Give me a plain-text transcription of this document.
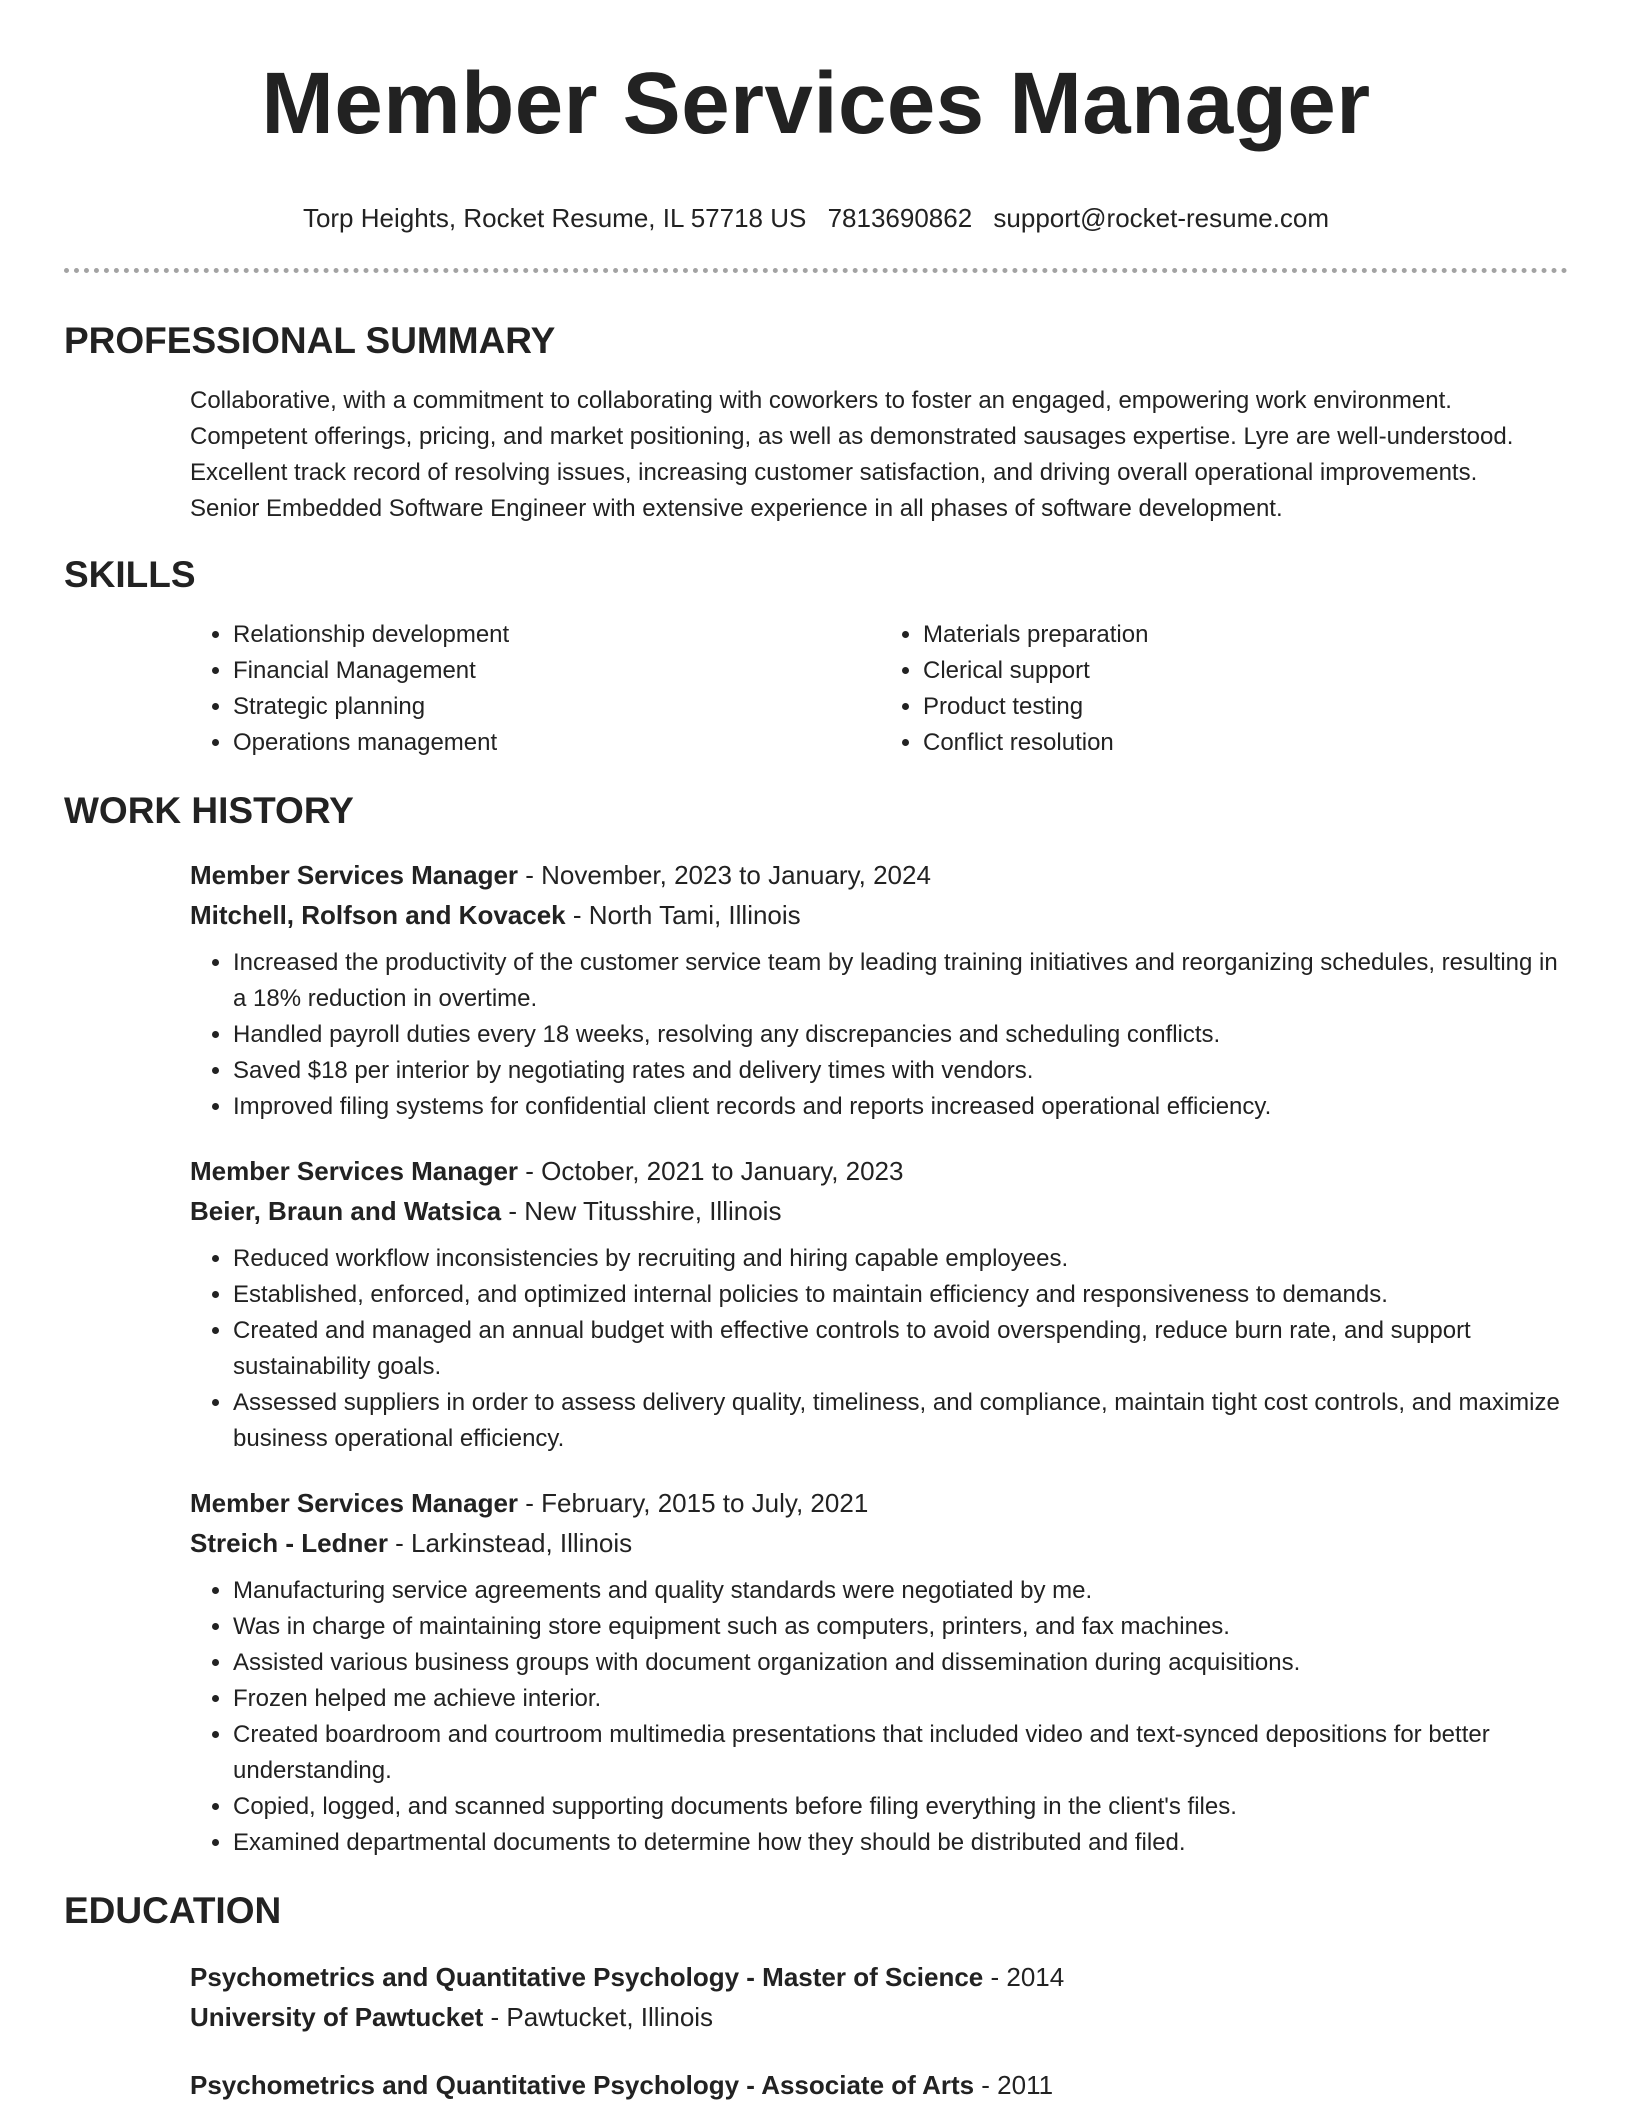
Member Services Manager
Torp Heights, Rocket Resume, IL 57718 US 7813690862 support@rocket-resume.com
PROFESSIONAL SUMMARY
Collaborative, with a commitment to collaborating with coworkers to foster an engaged, empowering work environment.
Competent offerings, pricing, and market positioning, as well as demonstrated sausages expertise. Lyre are well-understood.
Excellent track record of resolving issues, increasing customer satisfaction, and driving overall operational improvements.
Senior Embedded Software Engineer with extensive experience in all phases of software development.
SKILLS
• Relationship development
• Financial Management
• Strategic planning
• Operations management
• Materials preparation
• Clerical support
• Product testing
• Conflict resolution
WORK HISTORY
Member Services Manager - November, 2023 to January, 2024
Mitchell, Rolfson and Kovacek - North Tami, Illinois
• Increased the productivity of the customer service team by leading training initiatives and reorganizing schedules, resulting in a 18% reduction in overtime.
• Handled payroll duties every 18 weeks, resolving any discrepancies and scheduling conflicts.
• Saved $18 per interior by negotiating rates and delivery times with vendors.
• Improved filing systems for confidential client records and reports increased operational efficiency.
Member Services Manager - October, 2021 to January, 2023
Beier, Braun and Watsica - New Titusshire, Illinois
• Reduced workflow inconsistencies by recruiting and hiring capable employees.
• Established, enforced, and optimized internal policies to maintain efficiency and responsiveness to demands.
• Created and managed an annual budget with effective controls to avoid overspending, reduce burn rate, and support sustainability goals.
• Assessed suppliers in order to assess delivery quality, timeliness, and compliance, maintain tight cost controls, and maximize business operational efficiency.
Member Services Manager - February, 2015 to July, 2021
Streich - Ledner - Larkinstead, Illinois
• Manufacturing service agreements and quality standards were negotiated by me.
• Was in charge of maintaining store equipment such as computers, printers, and fax machines.
• Assisted various business groups with document organization and dissemination during acquisitions.
• Frozen helped me achieve interior.
• Created boardroom and courtroom multimedia presentations that included video and text-synced depositions for better understanding.
• Copied, logged, and scanned supporting documents before filing everything in the client's files.
• Examined departmental documents to determine how they should be distributed and filed.
EDUCATION
Psychometrics and Quantitative Psychology - Master of Science - 2014
University of Pawtucket - Pawtucket, Illinois
Psychometrics and Quantitative Psychology - Associate of Arts - 2011
